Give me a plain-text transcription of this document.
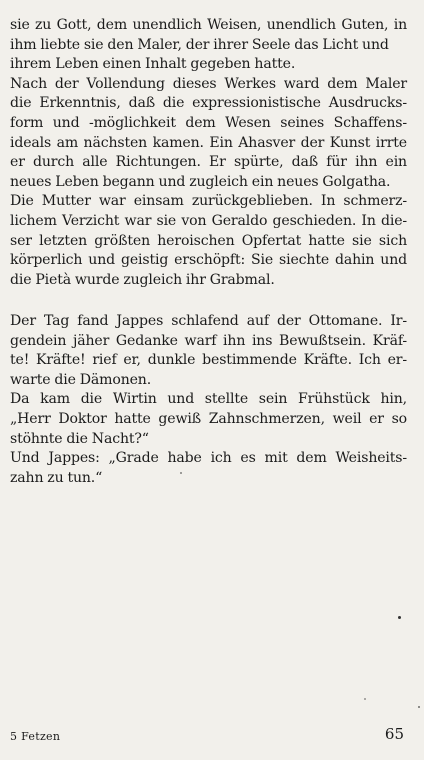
sie zu Gott, dem unendlich Weisen, unendlich Guten, in
ihm liebte sie den Maler, der ihrer Seele das Licht und
ihrem Leben einen Inhalt gegeben hatte.
Nach der Vollendung dieses Werkes ward dem Maler
die Erkenntnis, daß die expressionistische Ausdrucks-
form und -möglichkeit dem Wesen seines Schaffens-
ideals am nächsten kamen. Ein Ahasver der Kunst irrte
er durch alle Richtungen. Er spürte, daß für ihn ein
neues Leben begann und zugleich ein neues Golgatha.
Die Mutter war einsam zurückgeblieben. In schmerz-
lichem Verzicht war sie von Geraldo geschieden. In die-
ser letzten größten heroischen Opfertat hatte sie sich
körperlich und geistig erschöpft: Sie siechte dahin und
die Pietà wurde zugleich ihr Grabmal.
Der Tag fand Jappes schlafend auf der Ottomane. Ir-
gendein jäher Gedanke warf ihn ins Bewußtsein. Kräf-
te! Kräfte! rief er, dunkle bestimmende Kräfte. Ich er-
warte die Dämonen.
Da kam die Wirtin und stellte sein Frühstück hin,
„Herr Doktor hatte gewiß Zahnschmerzen, weil er so
stöhnte die Nacht?“
Und Jappes: „Grade habe ich es mit dem Weisheits-
zahn zu tun.“
5 Fetzen	65
